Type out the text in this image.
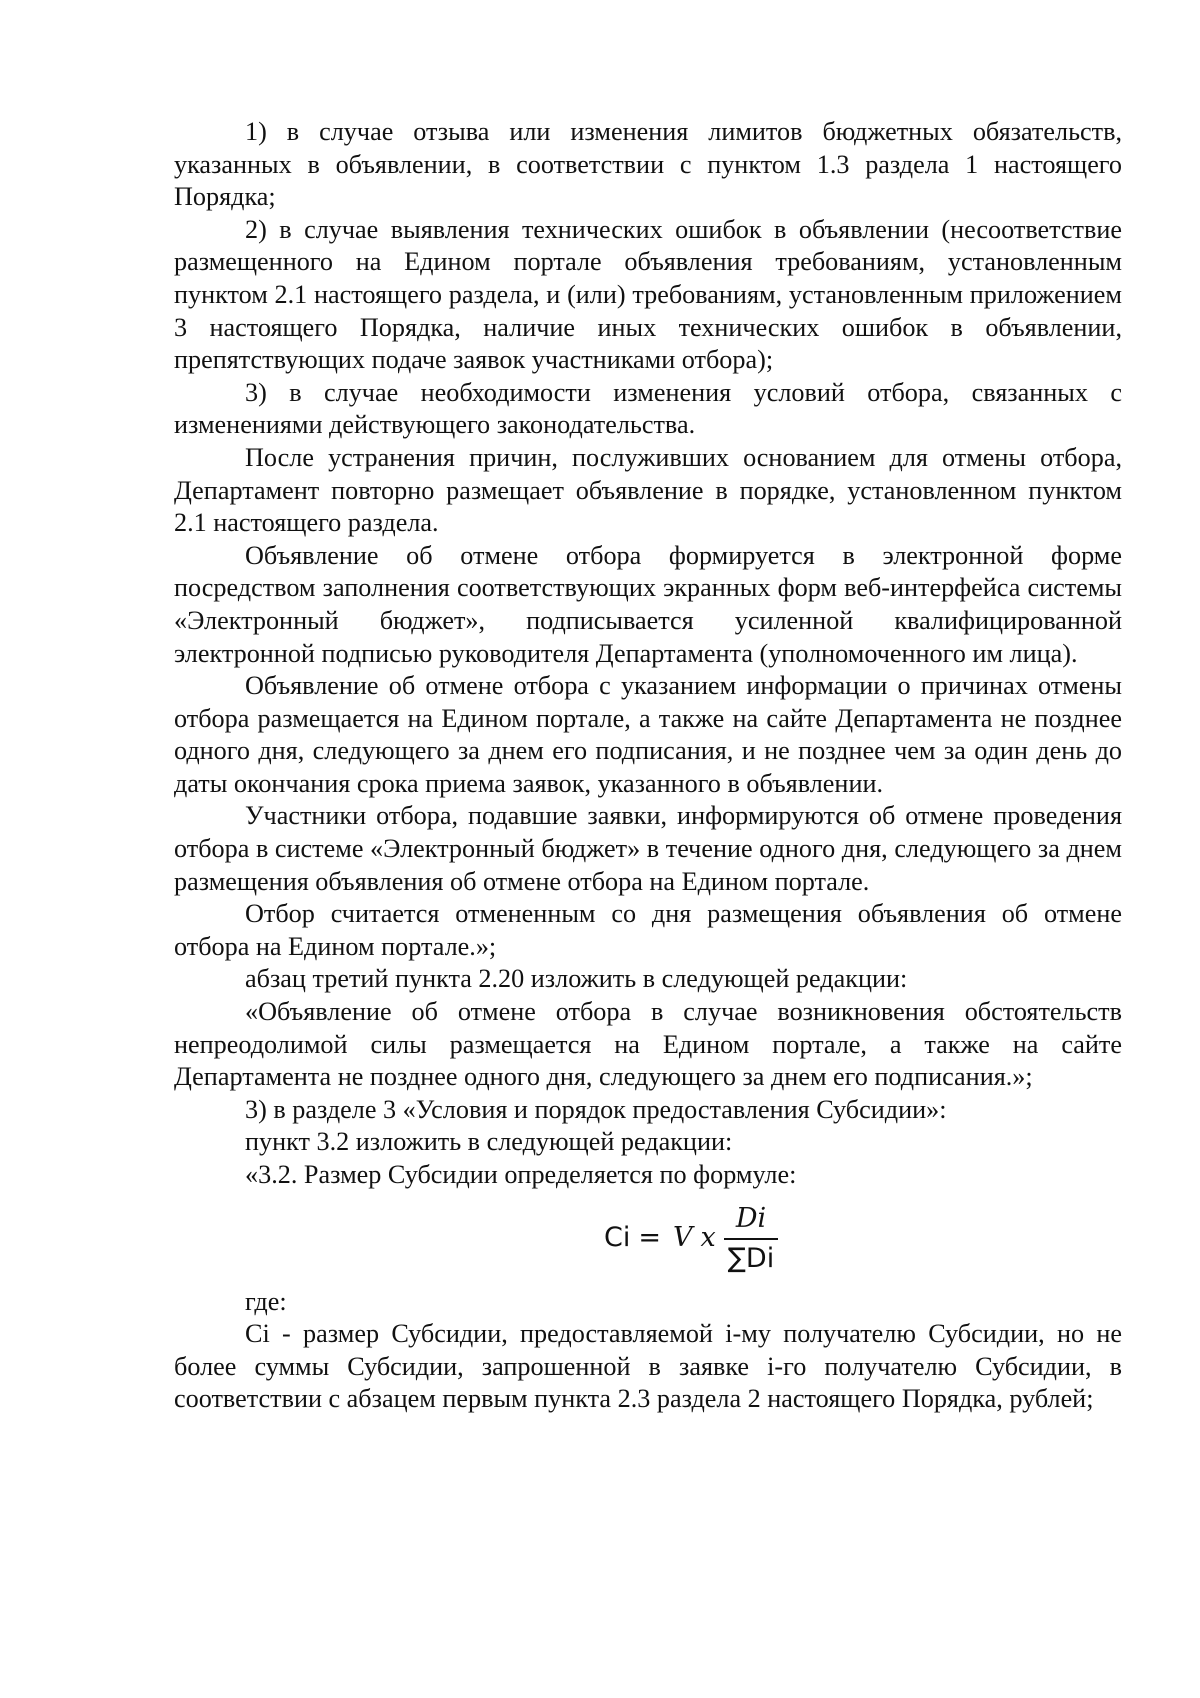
1) в случае отзыва или изменения лимитов бюджетных обязательств, указанных в объявлении, в соответствии с пунктом 1.3 раздела 1 настоящего Порядка;

2) в случае выявления технических ошибок в объявлении (несоответствие размещенного на Едином портале объявления требованиям, установленным пунктом 2.1 настоящего раздела, и (или) требованиям, установленным приложением 3 настоящего Порядка, наличие иных технических ошибок в объявлении, препятствующих подаче заявок участниками отбора);

3) в случае необходимости изменения условий отбора, связанных с изменениями действующего законодательства.

После устранения причин, послуживших основанием для отмены отбора, Департамент повторно размещает объявление в порядке, установленном пунктом 2.1 настоящего раздела.

Объявление об отмене отбора формируется в электронной форме посредством заполнения соответствующих экранных форм веб-интерфейса системы «Электронный бюджет», подписывается усиленной квалифицированной электронной подписью руководителя Департамента (уполномоченного им лица).

Объявление об отмене отбора с указанием информации о причинах отмены отбора размещается на Едином портале, а также на сайте Департамента не позднее одного дня, следующего за днем его подписания, и не позднее чем за один день до даты окончания срока приема заявок, указанного в объявлении.

Участники отбора, подавшие заявки, информируются об отмене проведения отбора в системе «Электронный бюджет» в течение одного дня, следующего за днем размещения объявления об отмене отбора на Едином портале.

Отбор считается отмененным со дня размещения объявления об отмене отбора на Едином портале.»;

абзац третий пункта 2.20 изложить в следующей редакции:

«Объявление об отмене отбора в случае возникновения обстоятельств непреодолимой силы размещается на Едином портале, а также на сайте Департамента не позднее одного дня, следующего за днем его подписания.»;

3) в разделе 3 «Условия и порядок предоставления Субсидии»:

пункт 3.2 изложить в следующей редакции:

«3.2. Размер Субсидии определяется по формуле:

Ci = V x $\frac{Di}{\sum Di}$

где:

Ci - размер Субсидии, предоставляемой i-му получателю Субсидии, но не более суммы Субсидии, запрошенной в заявке i-го получателю Субсидии, в соответствии с абзацем первым пункта 2.3 раздела 2 настоящего Порядка, рублей;
